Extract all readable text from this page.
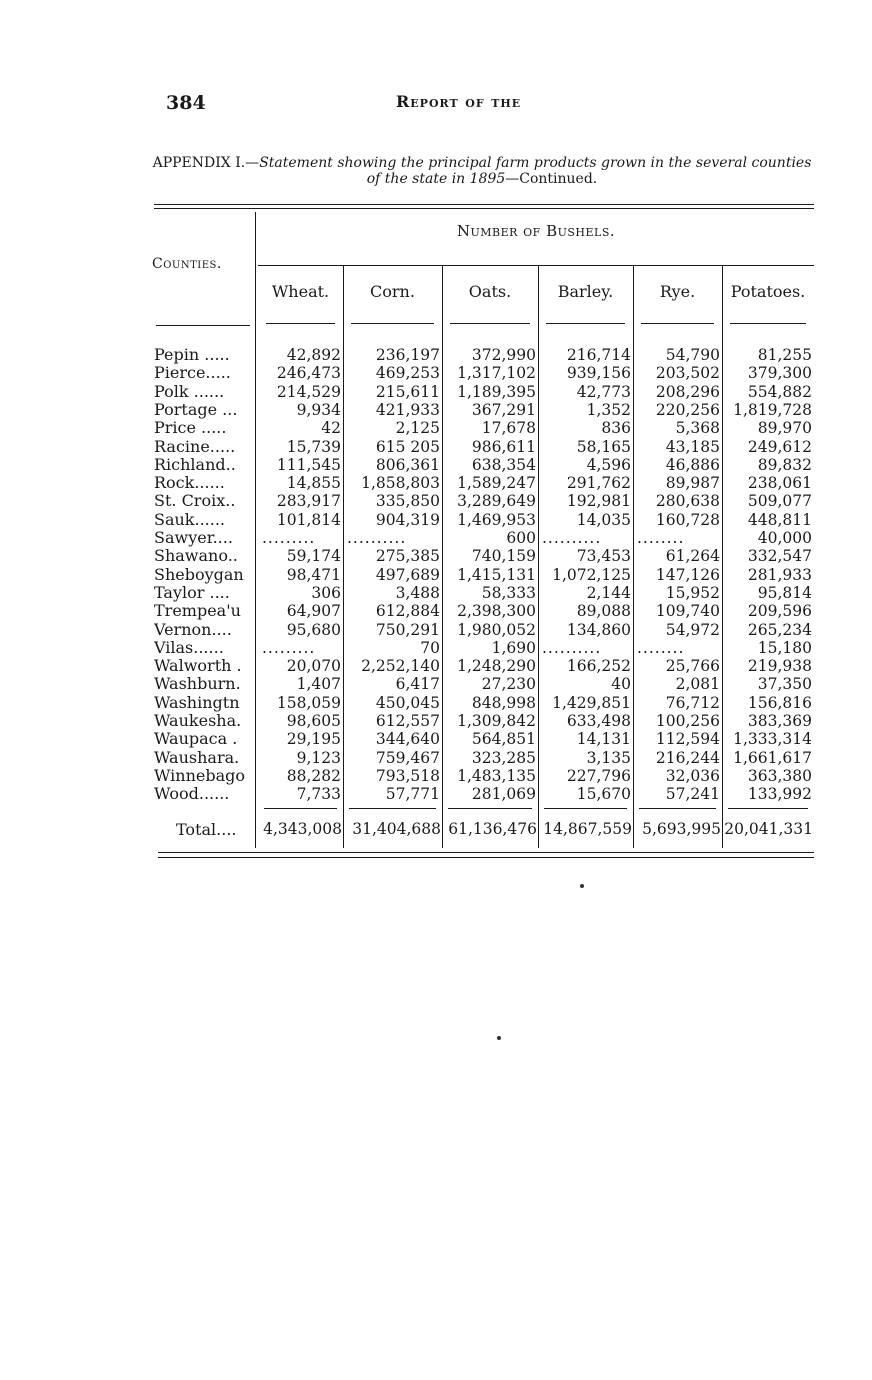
384	Report of the
APPENDIX I.—Statement showing the principal farm products grown in the several counties of the state in 1895—Continued.
Counties.
Number of Bushels.
Wheat.	Corn.	Oats.	Barley.	Rye.	Potatoes.
Pepin .....	42,892	236,197	372,990	216,714	54,790	81,255
Pierce.....	246,473	469,253	1,317,102	939,156	203,502	379,300
Polk ......	214,529	215,611	1,189,395	42,773	208,296	554,882
Portage ...	9,934	421,933	367,291	1,352	220,256 1,819,728
Price .....	42	2,125	17,678	836	5,368	89,970
Racine.....	15,739	615 205	986,611	58,165	43,185	249,612
Richland..	111,545	806,361	638,354	4,596	46,886	89,832
Rock......	14,855	1,858,803	1,589,247	291,762	89,987	238,061
St. Croix..	283,917	335,850	3,289,649	192,981	280,638	509,077
Sauk......	101,814	904,319	1,469,953	14,035	160,728	448,811
Sawyer....	.........	..........	600 ..........	........	40,000
Shawano..	59,174	275,385	740,159	73,453	61,264	332,547
Sheboygan	98,471	497,689	1,415,131	1,072,125	147,126	281,933
Taylor ....	306	3,488	58,333	2,144	15,952	95,814
Trempea'u	64,907	612,884	2,398,300	89,088	109,740	209,596
Vernon....	95,680	750,291	1,980,052	134,860	54,972	265,234
Vilas......	.........	70	1,690 ..........	........	15,180
Walworth .	20,070	2,252,140	1,248,290	166,252	25,766	219,938
Washburn.	1,407	6,417	27,230	40	2,081	37,350
Washingtn	158,059	450,045	848,998	1,429,851	76,712	156,816
Waukesha.	98,605	612,557	1,309,842	633,498	100,256	383,369
Waupaca .	29,195	344,640	564,851	14,131	112,594 1,333,314
Waushara.	9,123	759,467	323,285	3,135	216,244 1,661,617
Winnebago	88,282	793,518	1,483,135	227,796	32,036	363,380
Wood......	7,733	57,771	281,069	15,670	57,241	133,992
Total.... 4,343,008 31,404,688 61,136,476 14,867,559 5,693,995 20,041,331
